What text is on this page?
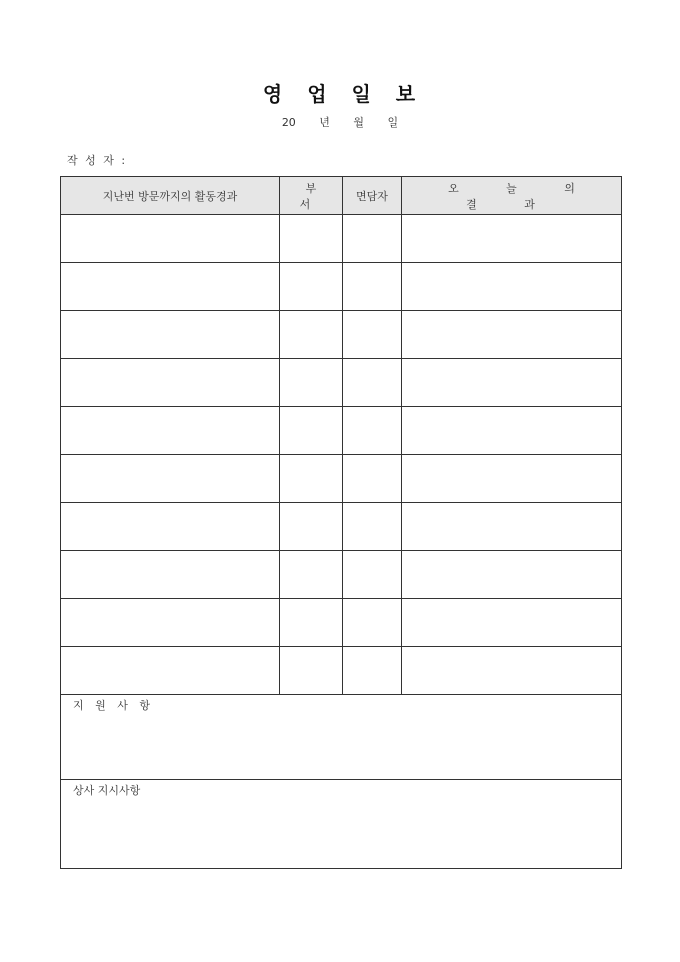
영 업 일 보
20 년 월 일
작 성 자 :
지난번 방문까지의 활동경과	부 서	면담자	오 늘 의 결 과

지 원 사 항			
상사 지시사항			
